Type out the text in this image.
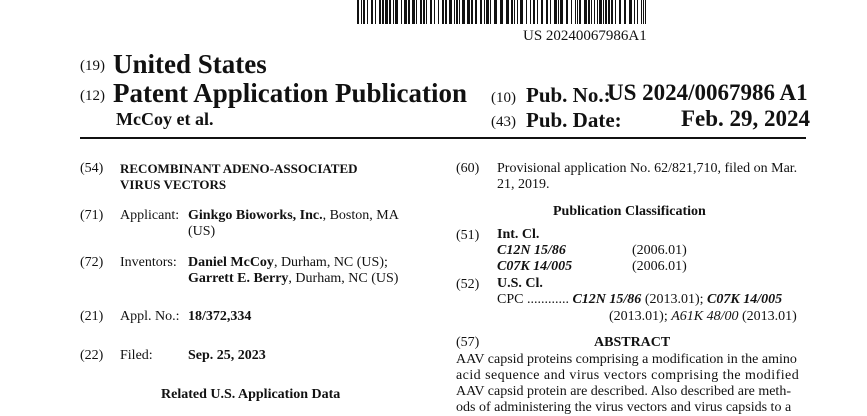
US 20240067986A1
(19) United States
(12) Patent Application Publication
McCoy et al.
(10) Pub. No.:
US 2024/0067986 A1
(43) Pub. Date:	Feb. 29, 2024
(54) RECOMBINANT ADENO-ASSOCIATED
VIRUS VECTORS
(71) Applicant: Ginkgo Bioworks, Inc., Boston, MA
(US)
(72) Inventors: Daniel McCoy, Durham, NC (US);
Garrett E. Berry, Durham, NC (US)
(21) Appl. No.: 18/372,334
(22) Filed:	Sep. 25, 2023
Related U.S. Application Data
(60) Provisional application No. 62/821,710, filed on Mar.
21, 2019.
Publication Classification
(51) Int. Cl.
C12N 15/86	(2006.01)
C07K 14/005	(2006.01)
(52) U.S. Cl.
CPC ............ C12N 15/86 (2013.01); C07K 14/005
(2013.01); A61K 48/00 (2013.01)
(57)	ABSTRACT
AAV capsid proteins comprising a modification in the amino
acid sequence and virus vectors comprising the modified
AAV capsid protein are described. Also described are meth-
ods of administering the virus vectors and virus capsids to a
